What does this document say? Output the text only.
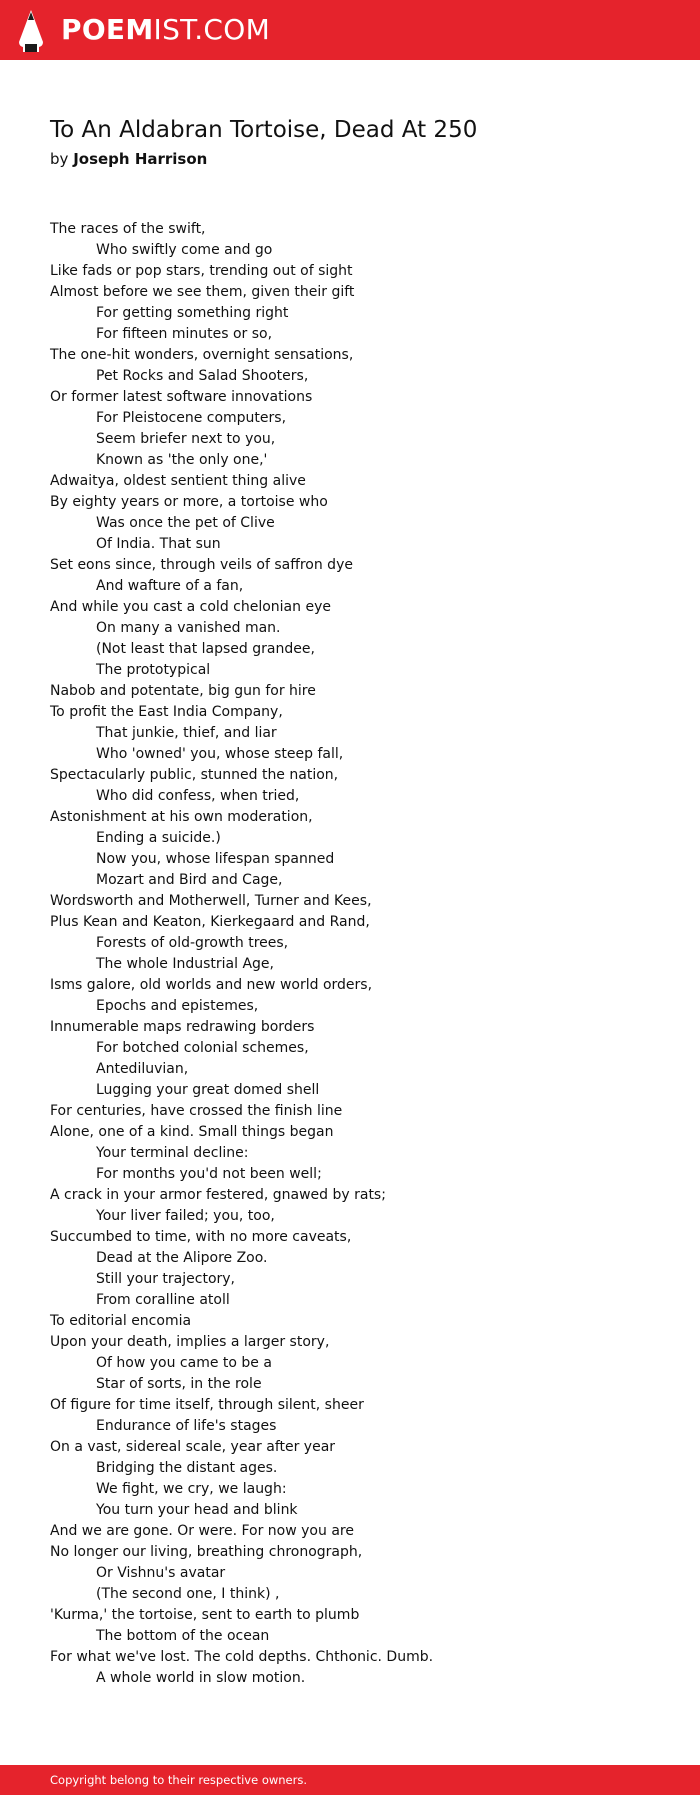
POEMIST.COM
To An Aldabran Tortoise, Dead At 250
by Joseph Harrison
The races of the swift,
Who swiftly come and go
Like fads or pop stars, trending out of sight
Almost before we see them, given their gift
For getting something right
For fifteen minutes or so,
The one-hit wonders, overnight sensations,
Pet Rocks and Salad Shooters,
Or former latest software innovations
For Pleistocene computers,
Seem briefer next to you,
Known as 'the only one,'
Adwaitya, oldest sentient thing alive
By eighty years or more, a tortoise who
Was once the pet of Clive
Of India. That sun
Set eons since, through veils of saffron dye
And wafture of a fan,
And while you cast a cold chelonian eye
On many a vanished man.
(Not least that lapsed grandee,
The prototypical
Nabob and potentate, big gun for hire
To profit the East India Company,
That junkie, thief, and liar
Who 'owned' you, whose steep fall,
Spectacularly public, stunned the nation,
Who did confess, when tried,
Astonishment at his own moderation,
Ending a suicide.)
Now you, whose lifespan spanned
Mozart and Bird and Cage,
Wordsworth and Motherwell, Turner and Kees,
Plus Kean and Keaton, Kierkegaard and Rand,
Forests of old-growth trees,
The whole Industrial Age,
Isms galore, old worlds and new world orders,
Epochs and epistemes,
Innumerable maps redrawing borders
For botched colonial schemes,
Antediluvian,
Lugging your great domed shell
For centuries, have crossed the finish line
Alone, one of a kind. Small things began
Your terminal decline:
For months you'd not been well;
A crack in your armor festered, gnawed by rats;
Your liver failed; you, too,
Succumbed to time, with no more caveats,
Dead at the Alipore Zoo.
Still your trajectory,
From coralline atoll
To editorial encomia
Upon your death, implies a larger story,
Of how you came to be a
Star of sorts, in the role
Of figure for time itself, through silent, sheer
Endurance of life's stages
On a vast, sidereal scale, year after year
Bridging the distant ages.
We fight, we cry, we laugh:
You turn your head and blink
And we are gone. Or were. For now you are
No longer our living, breathing chronograph,
Or Vishnu's avatar
(The second one, I think) ,
'Kurma,' the tortoise, sent to earth to plumb
The bottom of the ocean
For what we've lost. The cold depths. Chthonic. Dumb.
A whole world in slow motion.
Copyright belong to their respective owners.
